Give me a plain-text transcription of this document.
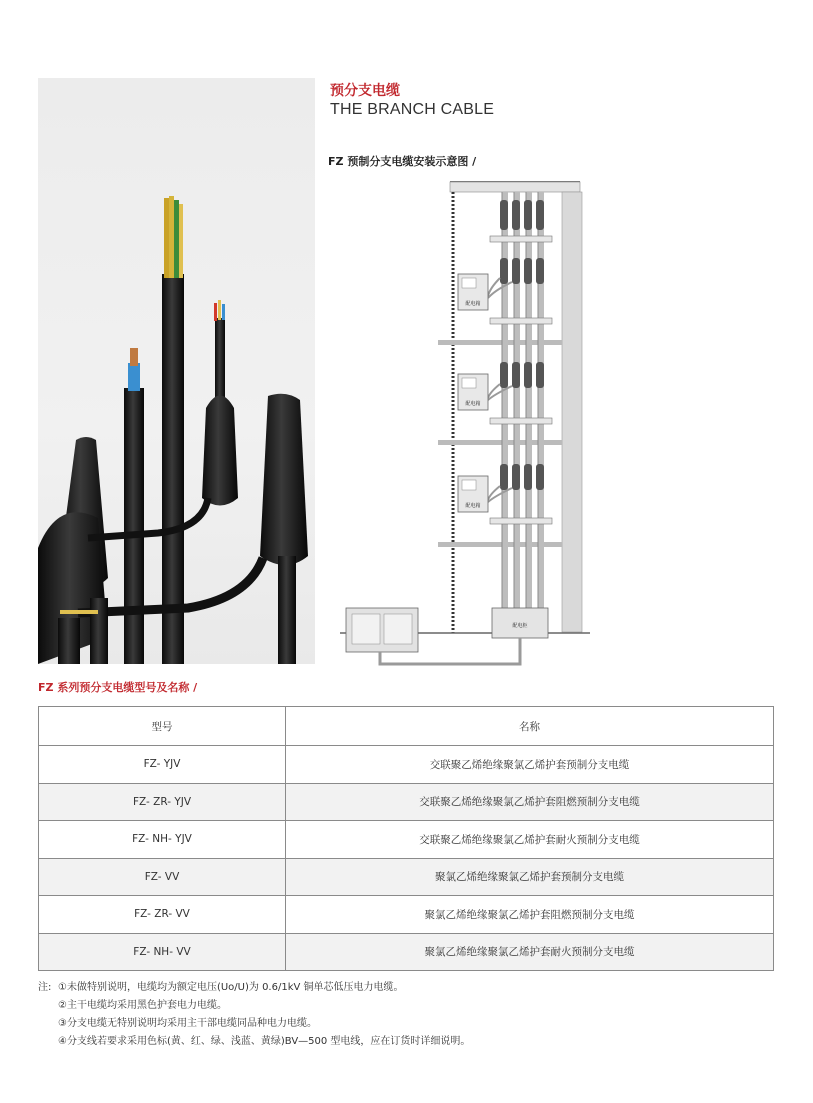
预分支电缆
THE BRANCH CABLE
FZ 预制分支电缆安装示意图 /
配电箱
配电箱
配电箱
配电柜
FZ 系列预分支电缆型号及名称 /
型号	名称
FZ- YJV	交联聚乙烯绝缘聚氯乙烯护套预制分支电缆
FZ- ZR- YJV	交联聚乙烯绝缘聚氯乙烯护套阻燃预制分支电缆
FZ- NH- YJV	交联聚乙烯绝缘聚氯乙烯护套耐火预制分支电缆
FZ- VV	聚氯乙烯绝缘聚氯乙烯护套预制分支电缆
FZ- ZR- VV	聚氯乙烯绝缘聚氯乙烯护套阻燃预制分支电缆
FZ- NH- VV	聚氯乙烯绝缘聚氯乙烯护套耐火预制分支电缆
注: ①未做特别说明，电缆均为额定电压(Uo/U)为 0.6/1kV 铜单芯低压电力电缆。
②主干电缆均采用黑色护套电力电缆。
③分支电缆无特别说明均采用主干部电缆同品种电力电缆。
④分支线若要求采用色标(黄、红、绿、浅蓝、黄绿)BV—500 型电线，应在订货时详细说明。
